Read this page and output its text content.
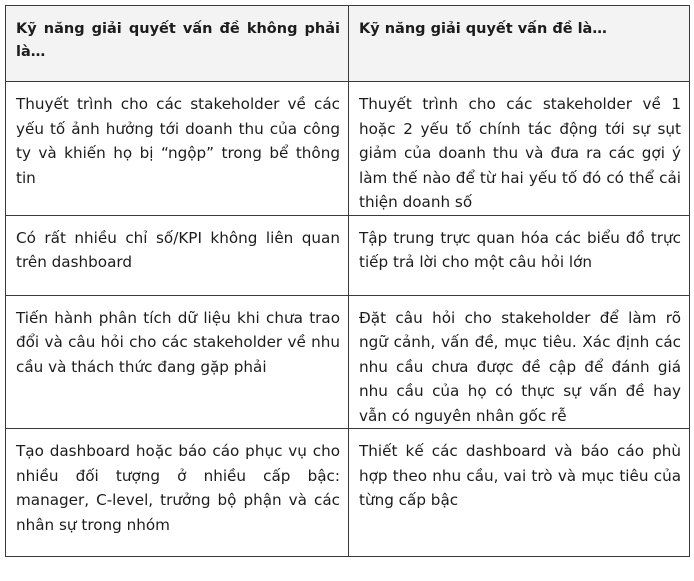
Kỹ năng giải quyết vấn đề không phải là…	Kỹ năng giải quyết vấn đề là…

Thuyết trình cho các stakeholder về các yếu tố ảnh hưởng tới doanh thu của công ty và khiến họ bị “ngộp” trong bể thông tin	Thuyết trình cho các stakeholder về 1 hoặc 2 yếu tố chính tác động tới sự sụt giảm của doanh thu và đưa ra các gợi ý làm thế nào để từ hai yếu tố đó có thể cải thiện doanh số

Có rất nhiều chỉ số/KPI không liên quan trên dashboard	Tập trung trực quan hóa các biểu đồ trực tiếp trả lời cho một câu hỏi lớn

Tiến hành phân tích dữ liệu khi chưa trao đổi và câu hỏi cho các stakeholder về nhu cầu và thách thức đang gặp phải	Đặt câu hỏi cho stakeholder để làm rõ ngữ cảnh, vấn đề, mục tiêu. Xác định các nhu cầu chưa được đề cập để đánh giá nhu cầu của họ có thực sự vấn đề hay vẫn có nguyên nhân gốc rễ

Tạo dashboard hoặc báo cáo phục vụ cho nhiều đối tượng ở nhiều cấp bậc: manager, C-level, trưởng bộ phận và các nhân sự trong nhóm	Thiết kế các dashboard và báo cáo phù hợp theo nhu cầu, vai trò và mục tiêu của từng cấp bậc
